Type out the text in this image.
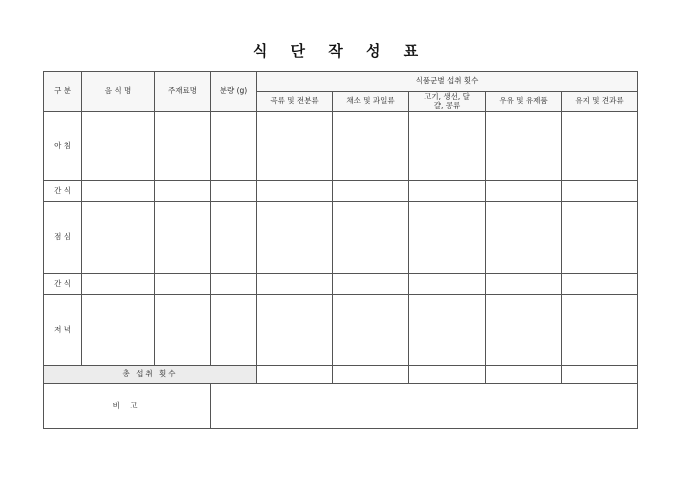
식 단 작 성 표
구 분	음 식 명	주재료명	분량 (g)	식품군별 섭취 횟수				
				곡류 및 전분류	채소 및 과일류	고기, 생선, 달걀, 콩류	우유 및 유제품	유지 및 견과류
아 침								
간 식								
점 심								
간 식								
저 녁								
총 섭취 횟수								
비 고								
